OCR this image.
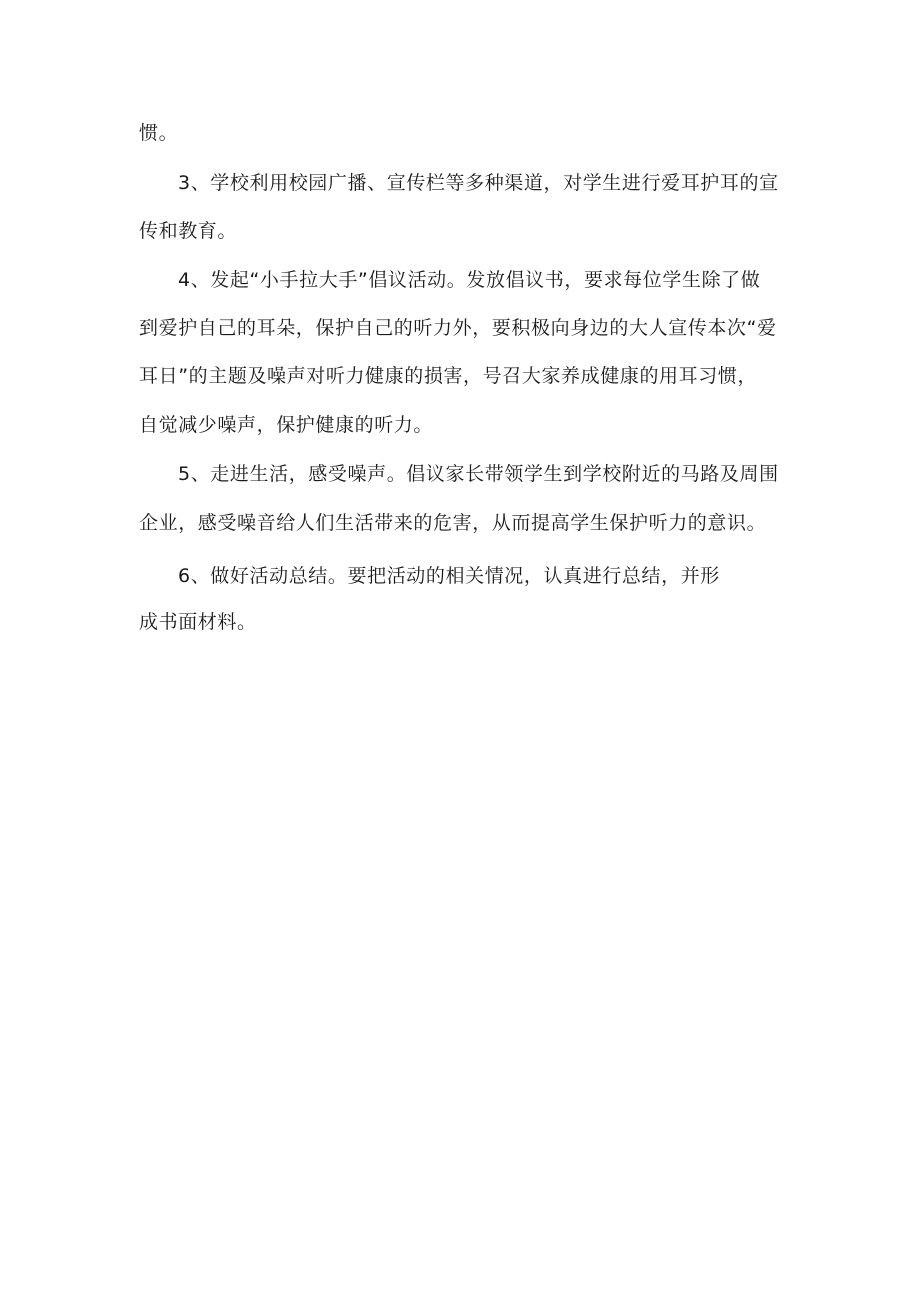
惯。
3、学校利用校园广播、宣传栏等多种渠道，对学生进行爱耳护耳的宣
传和教育。
4、发起“小手拉大手”倡议活动。发放倡议书，要求每位学生除了做
到爱护自己的耳朵，保护自己的听力外，要积极向身边的大人宣传本次“爱
耳日”的主题及噪声对听力健康的损害，号召大家养成健康的用耳习惯，
自觉减少噪声，保护健康的听力。
5、走进生活，感受噪声。倡议家长带领学生到学校附近的马路及周围
企业，感受噪音给人们生活带来的危害，从而提高学生保护听力的意识。
6、做好活动总结。要把活动的相关情况，认真进行总结，并形
成书面材料。
